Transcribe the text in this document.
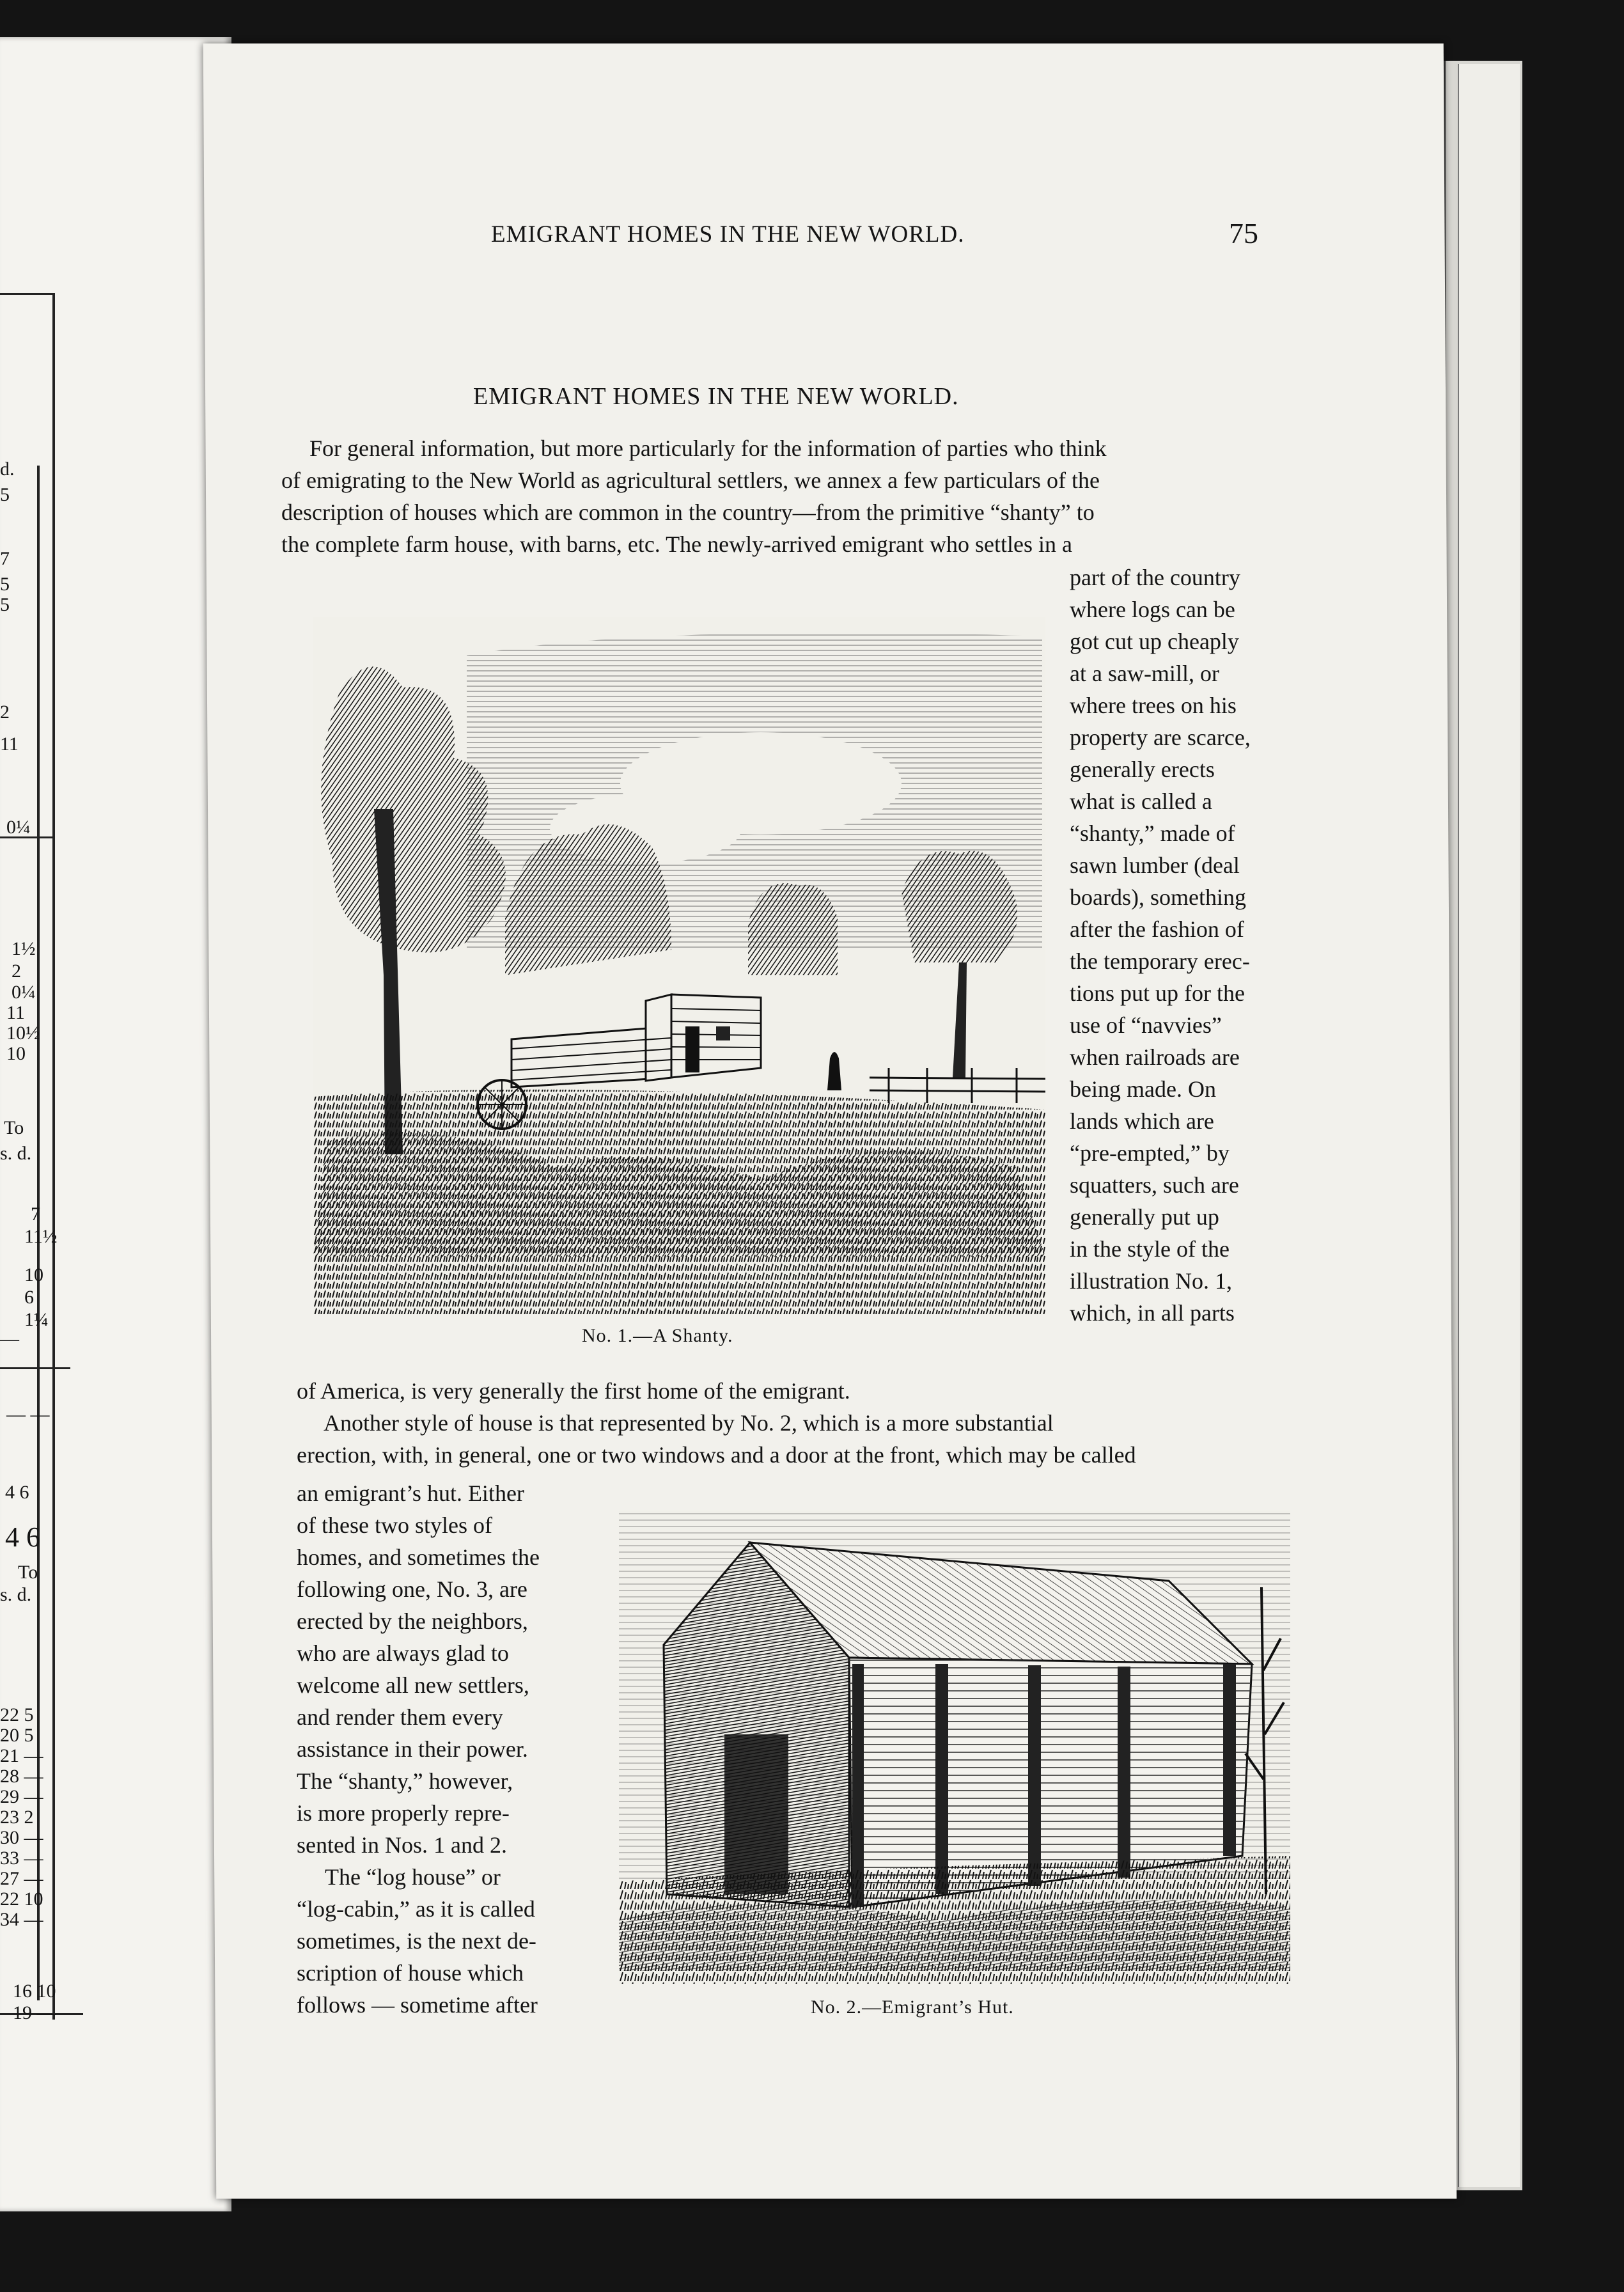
d.
5
7
5
5
2
11
0¼
1½
2
0¼
11
10½
10
To
s. d.
7
11½
10
6
1¼
—
— —
4 6
4 6
To
s. d.
22 5
20 5
21 —
28 —
29 —
23 2
30 —
33 —
27 —
22 10
34 —
16 10
19 —
EMIGRANT HOMES IN THE NEW WORLD.	75
EMIGRANT HOMES IN THE NEW WORLD.
For general information, but more particularly for the information of parties who think
of emigrating to the New World as agricultural settlers, we annex a few particulars of the
description of houses which are common in the country—from the primitive “shanty” to
the complete farm house, with barns, etc. The newly-arrived emigrant who settles in a
part of the country
where logs can be
got cut up cheaply
at a saw-mill, or
where trees on his
property are scarce,
generally erects
what is called a
“shanty,” made of
sawn lumber (deal
boards), something
after the fashion of
the temporary erec-
tions put up for the
use of “navvies”
when railroads are
being made. On
lands which are
“pre-empted,” by
squatters, such are
generally put up
in the style of the
illustration No. 1,
which, in all parts
No. 1.—A Shanty.
of America, is very generally the first home of the emigrant.
Another style of house is that represented by No. 2, which is a more substantial
erection, with, in general, one or two windows and a door at the front, which may be called
an emigrant’s hut. Either
of these two styles of
homes, and sometimes the
following one, No. 3, are
erected by the neighbors,
who are always glad to
welcome all new settlers,
and render them every
assistance in their power.
The “shanty,” however,
is more properly repre-
sented in Nos. 1 and 2.
The “log house” or
“log-cabin,” as it is called
sometimes, is the next de-
scription of house which
follows — sometime after	No. 2.—Emigrant’s Hut.
